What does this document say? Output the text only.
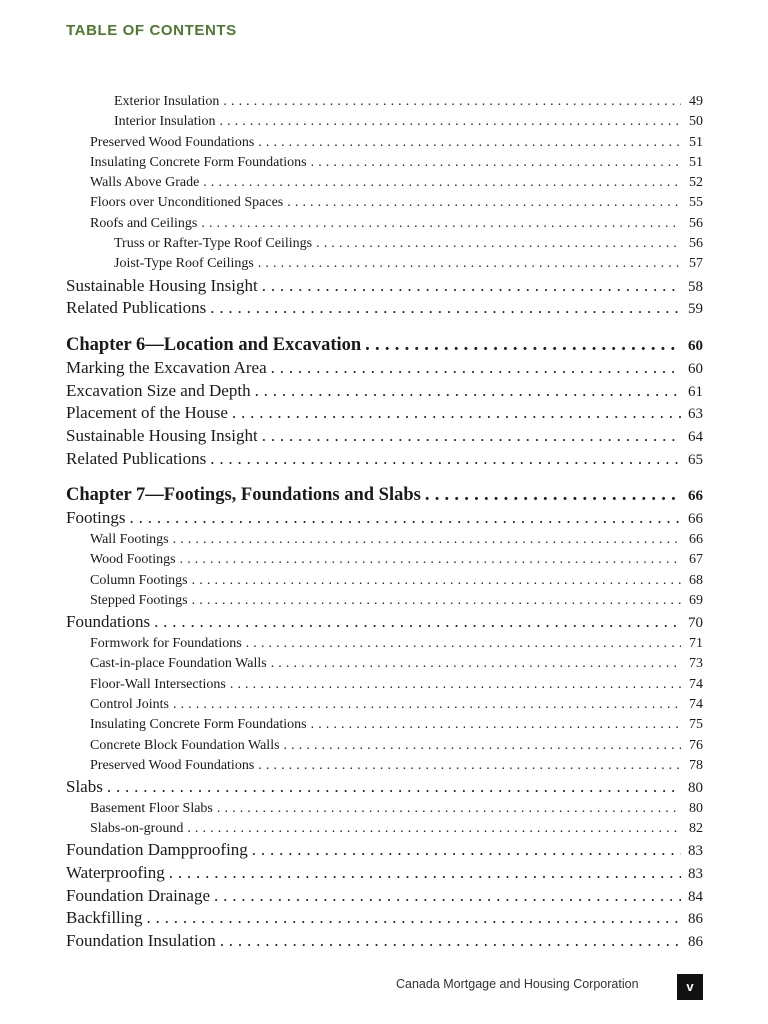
TABLE OF CONTENTS
Exterior Insulation . . .	49
Interior Insulation . . .	50
Preserved Wood Foundations . . .	51
Insulating Concrete Form Foundations . . .	51
Walls Above Grade . . .	52
Floors over Unconditioned Spaces . . .	55
Roofs and Ceilings . . .	56
Truss or Rafter-Type Roof Ceilings . . .	56
Joist-Type Roof Ceilings . . .	57
Sustainable Housing Insight . . .	58
Related Publications . . .	59
Chapter 6—Location and Excavation . . .	60
Marking the Excavation Area . . .	60
Excavation Size and Depth . . .	61
Placement of the House . . .	63
Sustainable Housing Insight . . .	64
Related Publications . . .	65
Chapter 7—Footings, Foundations and Slabs . . .	66
Footings . . .	66
Wall Footings . . .	66
Wood Footings . . .	67
Column Footings . . .	68
Stepped Footings . . .	69
Foundations . . .	70
Formwork for Foundations . . .	71
Cast-in-place Foundation Walls . . .	73
Floor-Wall Intersections . . .	74
Control Joints . . .	74
Insulating Concrete Form Foundations . . .	75
Concrete Block Foundation Walls . . .	76
Preserved Wood Foundations . . .	78
Slabs . . .	80
Basement Floor Slabs . . .	80
Slabs-on-ground . . .	82
Foundation Dampproofing . . .	83
Waterproofing . . .	83
Foundation Drainage . . .	84
Backfilling . . .	86
Foundation Insulation . . .	86
Canada Mortgage and Housing Corporation	v
